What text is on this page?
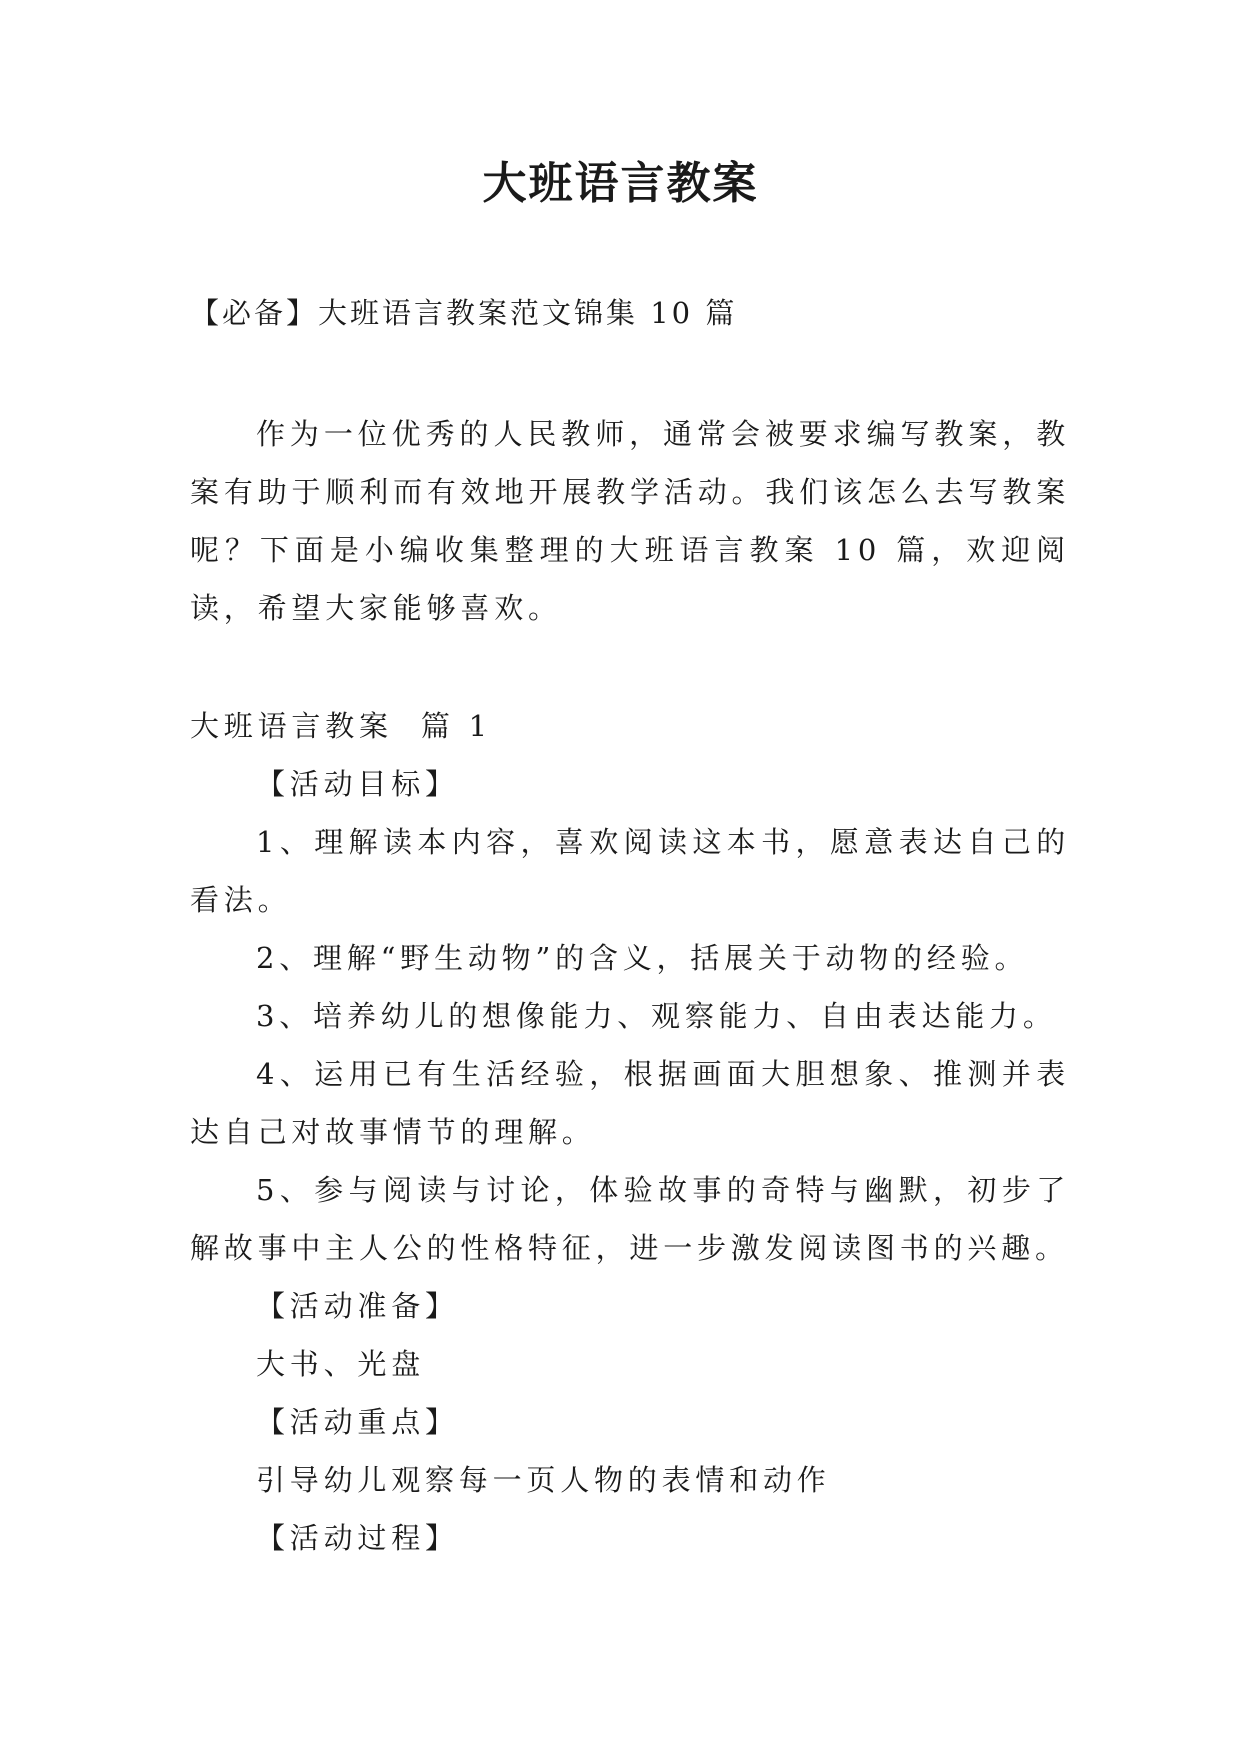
大班语言教案

【必备】大班语言教案范文锦集 10 篇

作为一位优秀的人民教师，通常会被要求编写教案，教案有助于顺利而有效地开展教学活动。我们该怎么去写教案呢？下面是小编收集整理的大班语言教案 10 篇，欢迎阅读，希望大家能够喜欢。

大班语言教案  篇 1

【活动目标】

1、理解读本内容，喜欢阅读这本书，愿意表达自己的看法。

2、理解“野生动物”的含义，括展关于动物的经验。

3、培养幼儿的想像能力、观察能力、自由表达能力。

4、运用已有生活经验，根据画面大胆想象、推测并表达自己对故事情节的理解。

5、参与阅读与讨论，体验故事的奇特与幽默，初步了解故事中主人公的性格特征，进一步激发阅读图书的兴趣。

【活动准备】

大书、光盘

【活动重点】

引导幼儿观察每一页人物的表情和动作

【活动过程】
